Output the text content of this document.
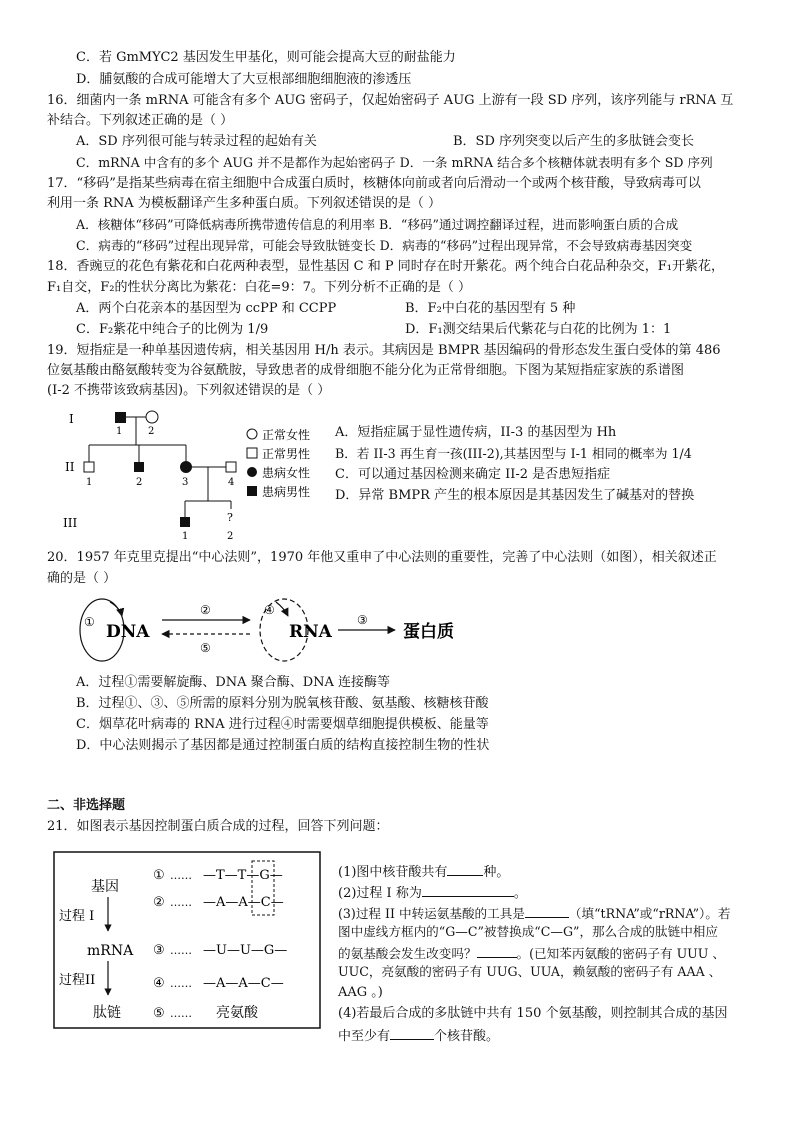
C．若 GmMYC2 基因发生甲基化，则可能会提高大豆的耐盐能力
D．脯氨酸的合成可能增大了大豆根部细胞细胞液的渗透压
16．细菌内一条 mRNA 可能含有多个 AUG 密码子，仅起始密码子 AUG 上游有一段 SD 序列，该序列能与 rRNA 互
补结合。下列叙述正确的是（ ）
A．SD 序列很可能与转录过程的起始有关	B．SD 序列突变以后产生的多肽链会变长
C．mRNA 中含有的多个 AUG 并不是都作为起始密码子 D．一条 mRNA 结合多个核糖体就表明有多个 SD 序列
17．“移码”是指某些病毒在宿主细胞中合成蛋白质时，核糖体向前或者向后滑动一个或两个核苷酸，导致病毒可以
利用一条 RNA 为模板翻译产生多种蛋白质。下列叙述错误的是（ ）
A．核糖体“移码”可降低病毒所携带遗传信息的利用率 B．“移码”通过调控翻译过程，进而影响蛋白质的合成
C．病毒的“移码”过程出现异常，可能会导致肽链变长 D．病毒的“移码”过程出现异常，不会导致病毒基因突变
18．香豌豆的花色有紫花和白花两种表型，显性基因 C 和 P 同时存在时开紫花。两个纯合白花品种杂交，F₁开紫花，
F₁自交，F₂的性状分离比为紫花：白花=9：7。下列分析不正确的是（ ）
A．两个白花亲本的基因型为 ccPP 和 CCPP	B．F₂中白花的基因型有 5 种
C．F₂紫花中纯合子的比例为 1/9	D．F₁测交结果后代紫花与白花的比例为 1：1
19．短指症是一种单基因遗传病，相关基因用 H/h 表示。其病因是 BMPR 基因编码的骨形态发生蛋白受体的第 486
位氨基酸由酪氨酸转变为谷氨酰胺，导致患者的成骨细胞不能分化为正常骨细胞。下图为某短指症家族的系谱图
(I-2 不携带该致病基因)。下列叙述错误的是（ ）
I
II
III
1	2
1	2	3	4
?
1	2
正常女性
正常男性
患病女性
患病男性
A．短指症属于显性遗传病，II-3 的基因型为 Hh
B．若 II-3 再生育一孩(III-2),其基因型与 I-1 相同的概率为 1/4
C．可以通过基因检测来确定 II-2 是否患短指症
D．异常 BMPR 产生的根本原因是其基因发生了碱基对的替换
20．1957 年克里克提出“中心法则”，1970 年他又重申了中心法则的重要性，完善了中心法则（如图），相关叙述正
确的是（ ）
① DNA
②
⑤
④
RNA
③
蛋白质
A．过程①需要解旋酶、DNA 聚合酶、DNA 连接酶等
B．过程①、③、⑤所需的原料分别为脱氧核苷酸、氨基酸、核糖核苷酸
C．烟草花叶病毒的 RNA 进行过程④时需要烟草细胞提供模板、能量等
D．中心法则揭示了基因都是通过控制蛋白质的结构直接控制生物的性状
二、非选择题
21．如图表示基因控制蛋白质合成的过程，回答下列问题：
基因
过程 I
mRNA
过程II
肽链
① …… —T—T—G—
② …… —A—A—C—
③ …… —U—U—G—
④ …… —A—A—C—
⑤ …… 亮氨酸
(1)图中核苷酸共有	种。
(2)过程 I 称为	。
(3)过程 II 中转运氨基酸的工具是	（填“tRNA”或“rRNA”）。若
图中虚线方框内的“G—C”被替换成“C—G”，那么合成的肽链中相应
的氨基酸会发生改变吗？	。(已知苯丙氨酸的密码子有 UUU 、
UUC，亮氨酸的密码子有 UUG、UUA，赖氨酸的密码子有 AAA 、
AAG 。)
(4)若最后合成的多肽链中共有 150 个氨基酸，则控制其合成的基因
中至少有	个核苷酸。
